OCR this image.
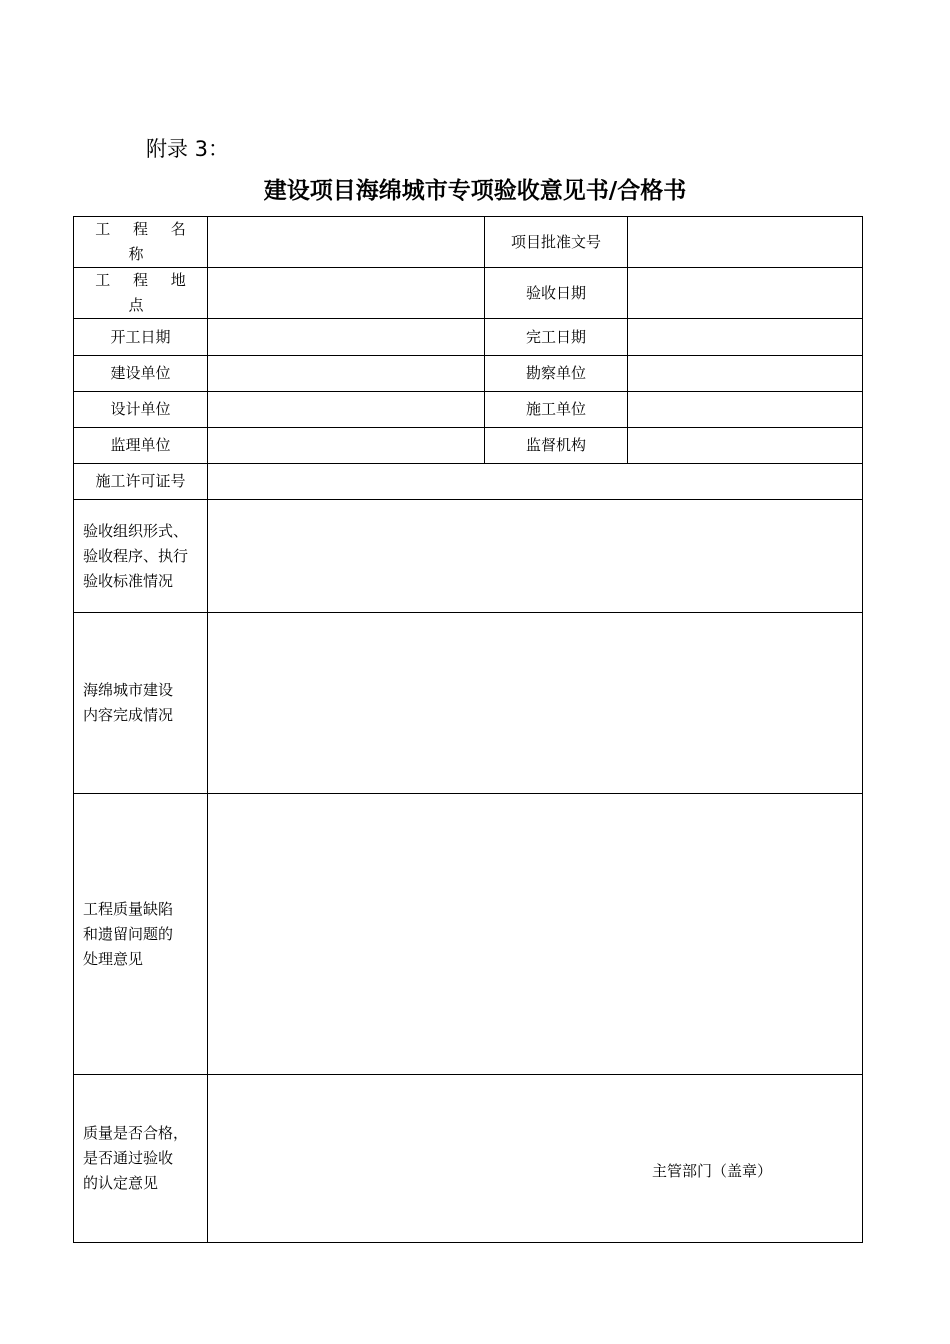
附录 3：
建设项目海绵城市专项验收意见书/合格书
工 程 名 称		项目批准文号	
工 程 地 点		验收日期	
开工日期		完工日期	
建设单位		勘察单位	
设计单位		施工单位	
监理单位		监督机构	
施工许可证号			

验收组织形式、
验收程序、执行
验收标准情况			

海绵城市建设
内容完成情况			

工程质量缺陷
和遗留问题的
处理意见			

质量是否合格，
是否通过验收
的认定意见	主管部门（盖章）		
